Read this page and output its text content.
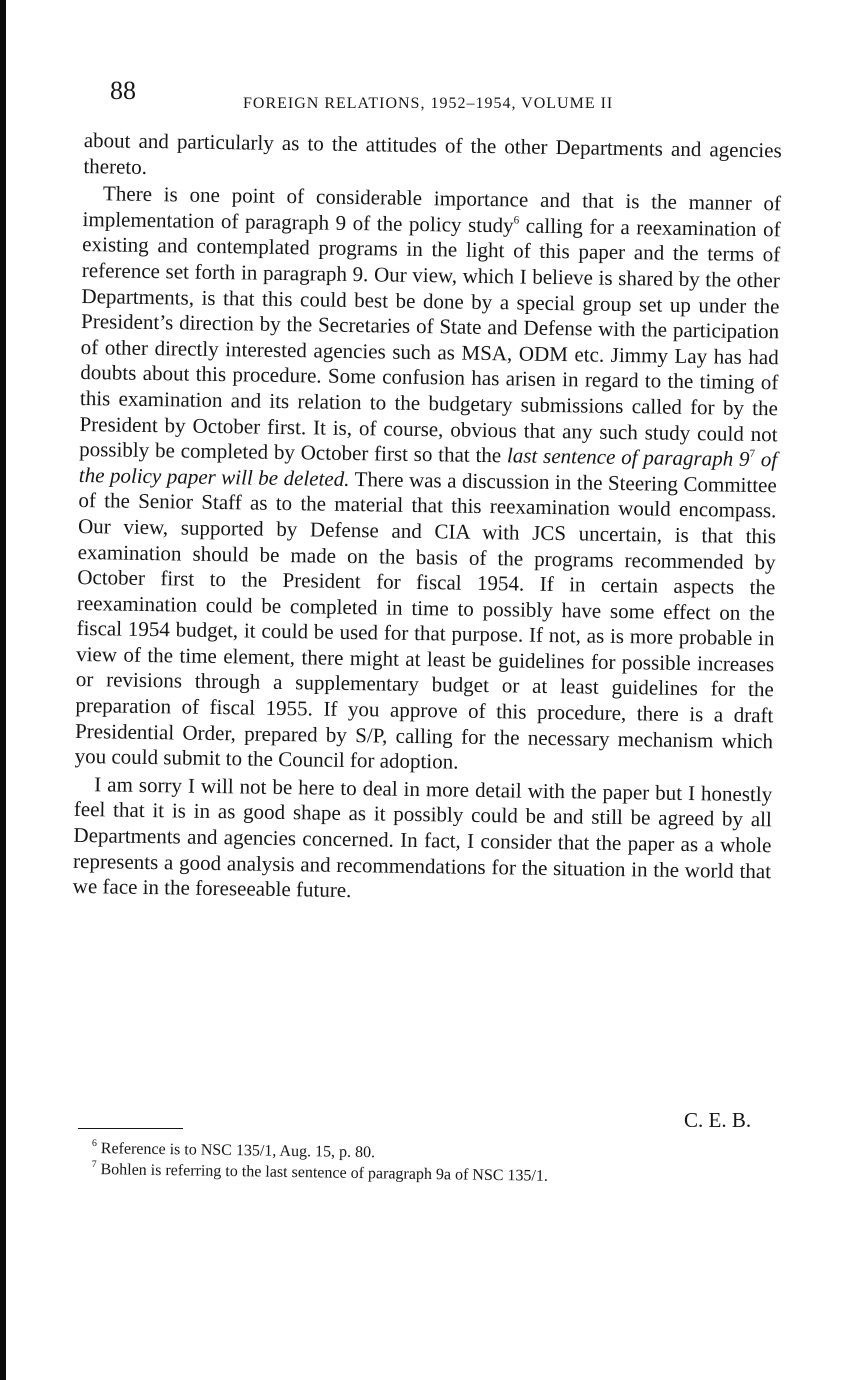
88	FOREIGN RELATIONS, 1952–1954, VOLUME II

about and particularly as to the attitudes of the other Departments and agencies thereto.

There is one point of considerable importance and that is the manner of implementation of paragraph 9 of the policy study$^6$ calling for a reexamination of existing and contemplated programs in the light of this paper and the terms of reference set forth in paragraph 9. Our view, which I believe is shared by the other Departments, is that this could best be done by a special group set up under the President’s direction by the Secretaries of State and Defense with the participation of other directly interested agencies such as MSA, ODM etc. Jimmy Lay has had doubts about this procedure. Some confusion has arisen in regard to the timing of this examination and its relation to the budgetary submissions called for by the President by October first. It is, of course, obvious that any such study could not possibly be completed by October first so that the last sentence of paragraph $9^7$ of the policy paper will be deleted. There was a discussion in the Steering Committee of the Senior Staff as to the material that this reexamination would encompass. Our view, supported by Defense and CIA with JCS uncertain, is that this examination should be made on the basis of the programs recommended by October first to the President for fiscal 1954. If in certain aspects the reexamination could be completed in time to possibly have some effect on the fiscal 1954 budget, it could be used for that purpose. If not, as is more probable in view of the time element, there might at least be guidelines for possible increases or revisions through a supplementary budget or at least guidelines for the preparation of fiscal 1955. If you approve of this procedure, there is a draft Presidential Order, prepared by S/P, calling for the necessary mechanism which you could submit to the Council for adoption.

I am sorry I will not be here to deal in more detail with the paper but I honestly feel that it is in as good shape as it possibly could be and still be agreed by all Departments and agencies concerned. In fact, I consider that the paper as a whole represents a good analysis and recommendations for the situation in the world that we face in the foreseeable future.

C. E. B.

$^6$ Reference is to NSC 135/1, Aug. 15, p. 80.

$^7$ Bohlen is referring to the last sentence of paragraph 9a of NSC 135/1.
